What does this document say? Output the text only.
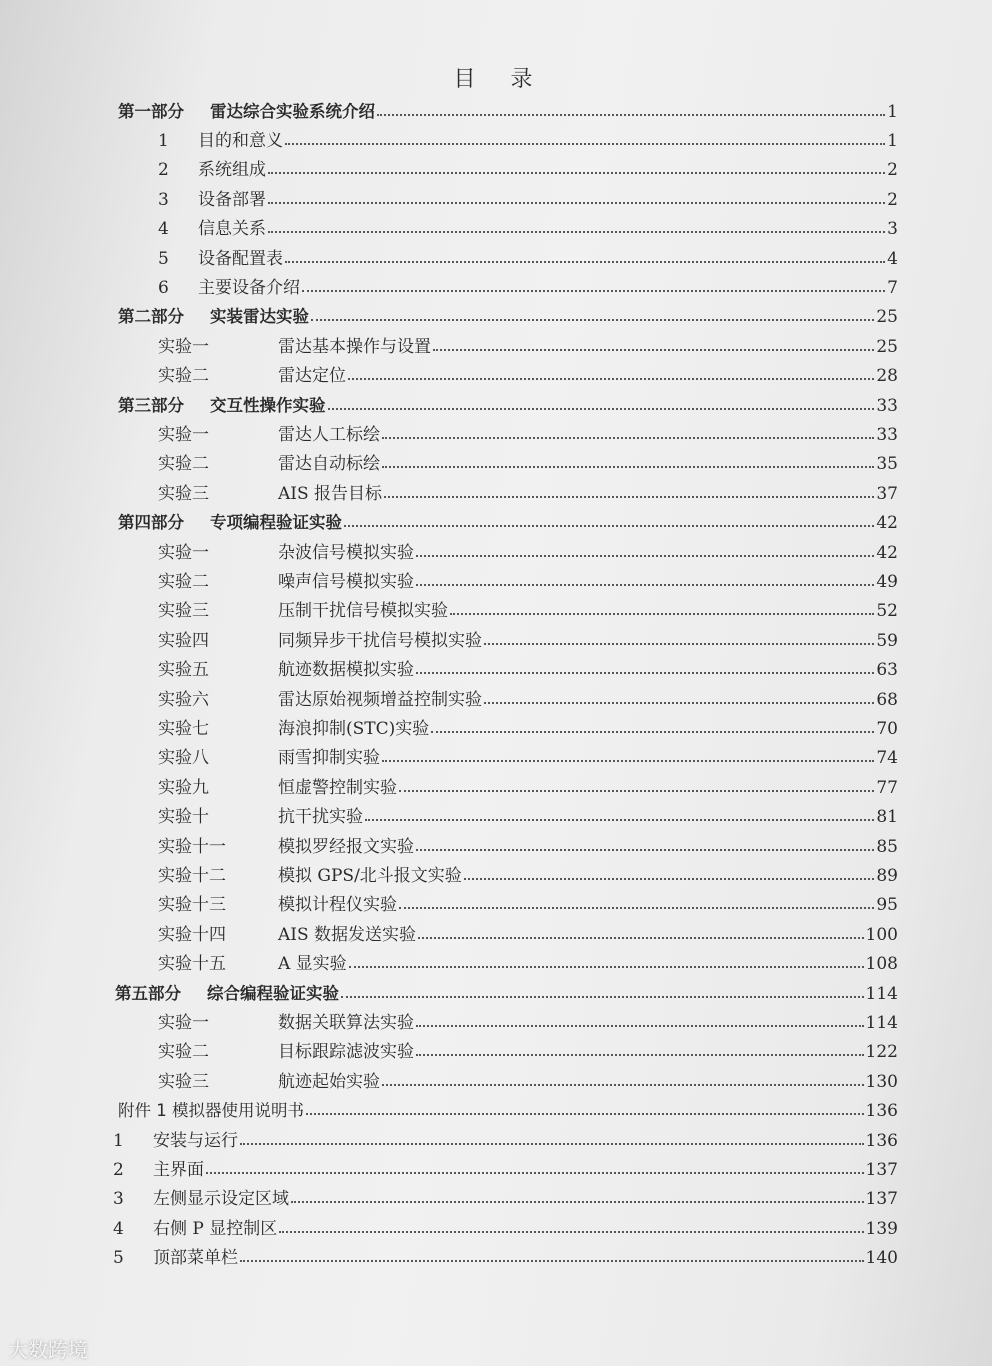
目 录
第一部分	雷达综合实验系统介绍	1
1	目的和意义	1
2	系统组成	2
3	设备部署	2
4	信息关系	3
5	设备配置表	4
6	主要设备介绍	7
第二部分	实装雷达实验	25
实验一	雷达基本操作与设置	25
实验二	雷达定位	28
第三部分	交互性操作实验	33
实验一	雷达人工标绘	33
实验二	雷达自动标绘	35
实验三	AIS 报告目标	37
第四部分	专项编程验证实验	42
实验一	杂波信号模拟实验	42
实验二	噪声信号模拟实验	49
实验三	压制干扰信号模拟实验	52
实验四	同频异步干扰信号模拟实验	59
实验五	航迹数据模拟实验	63
实验六	雷达原始视频增益控制实验	68
实验七	海浪抑制(STC)实验	70
实验八	雨雪抑制实验	74
实验九	恒虚警控制实验	77
实验十	抗干扰实验	81
实验十一	模拟罗经报文实验	85
实验十二	模拟 GPS/北斗报文实验	89
实验十三	模拟计程仪实验	95
实验十四	AIS 数据发送实验	100
实验十五	A 显实验	108
第五部分	综合编程验证实验	114
实验一	数据关联算法实验	114
实验二	目标跟踪滤波实验	122
实验三	航迹起始实验	130
附件 1 模拟器使用说明书	136
1	安装与运行	136
2	主界面	137
3	左侧显示设定区域	137
4	右侧 P 显控制区	139
5	顶部菜单栏	140
大数跨境
